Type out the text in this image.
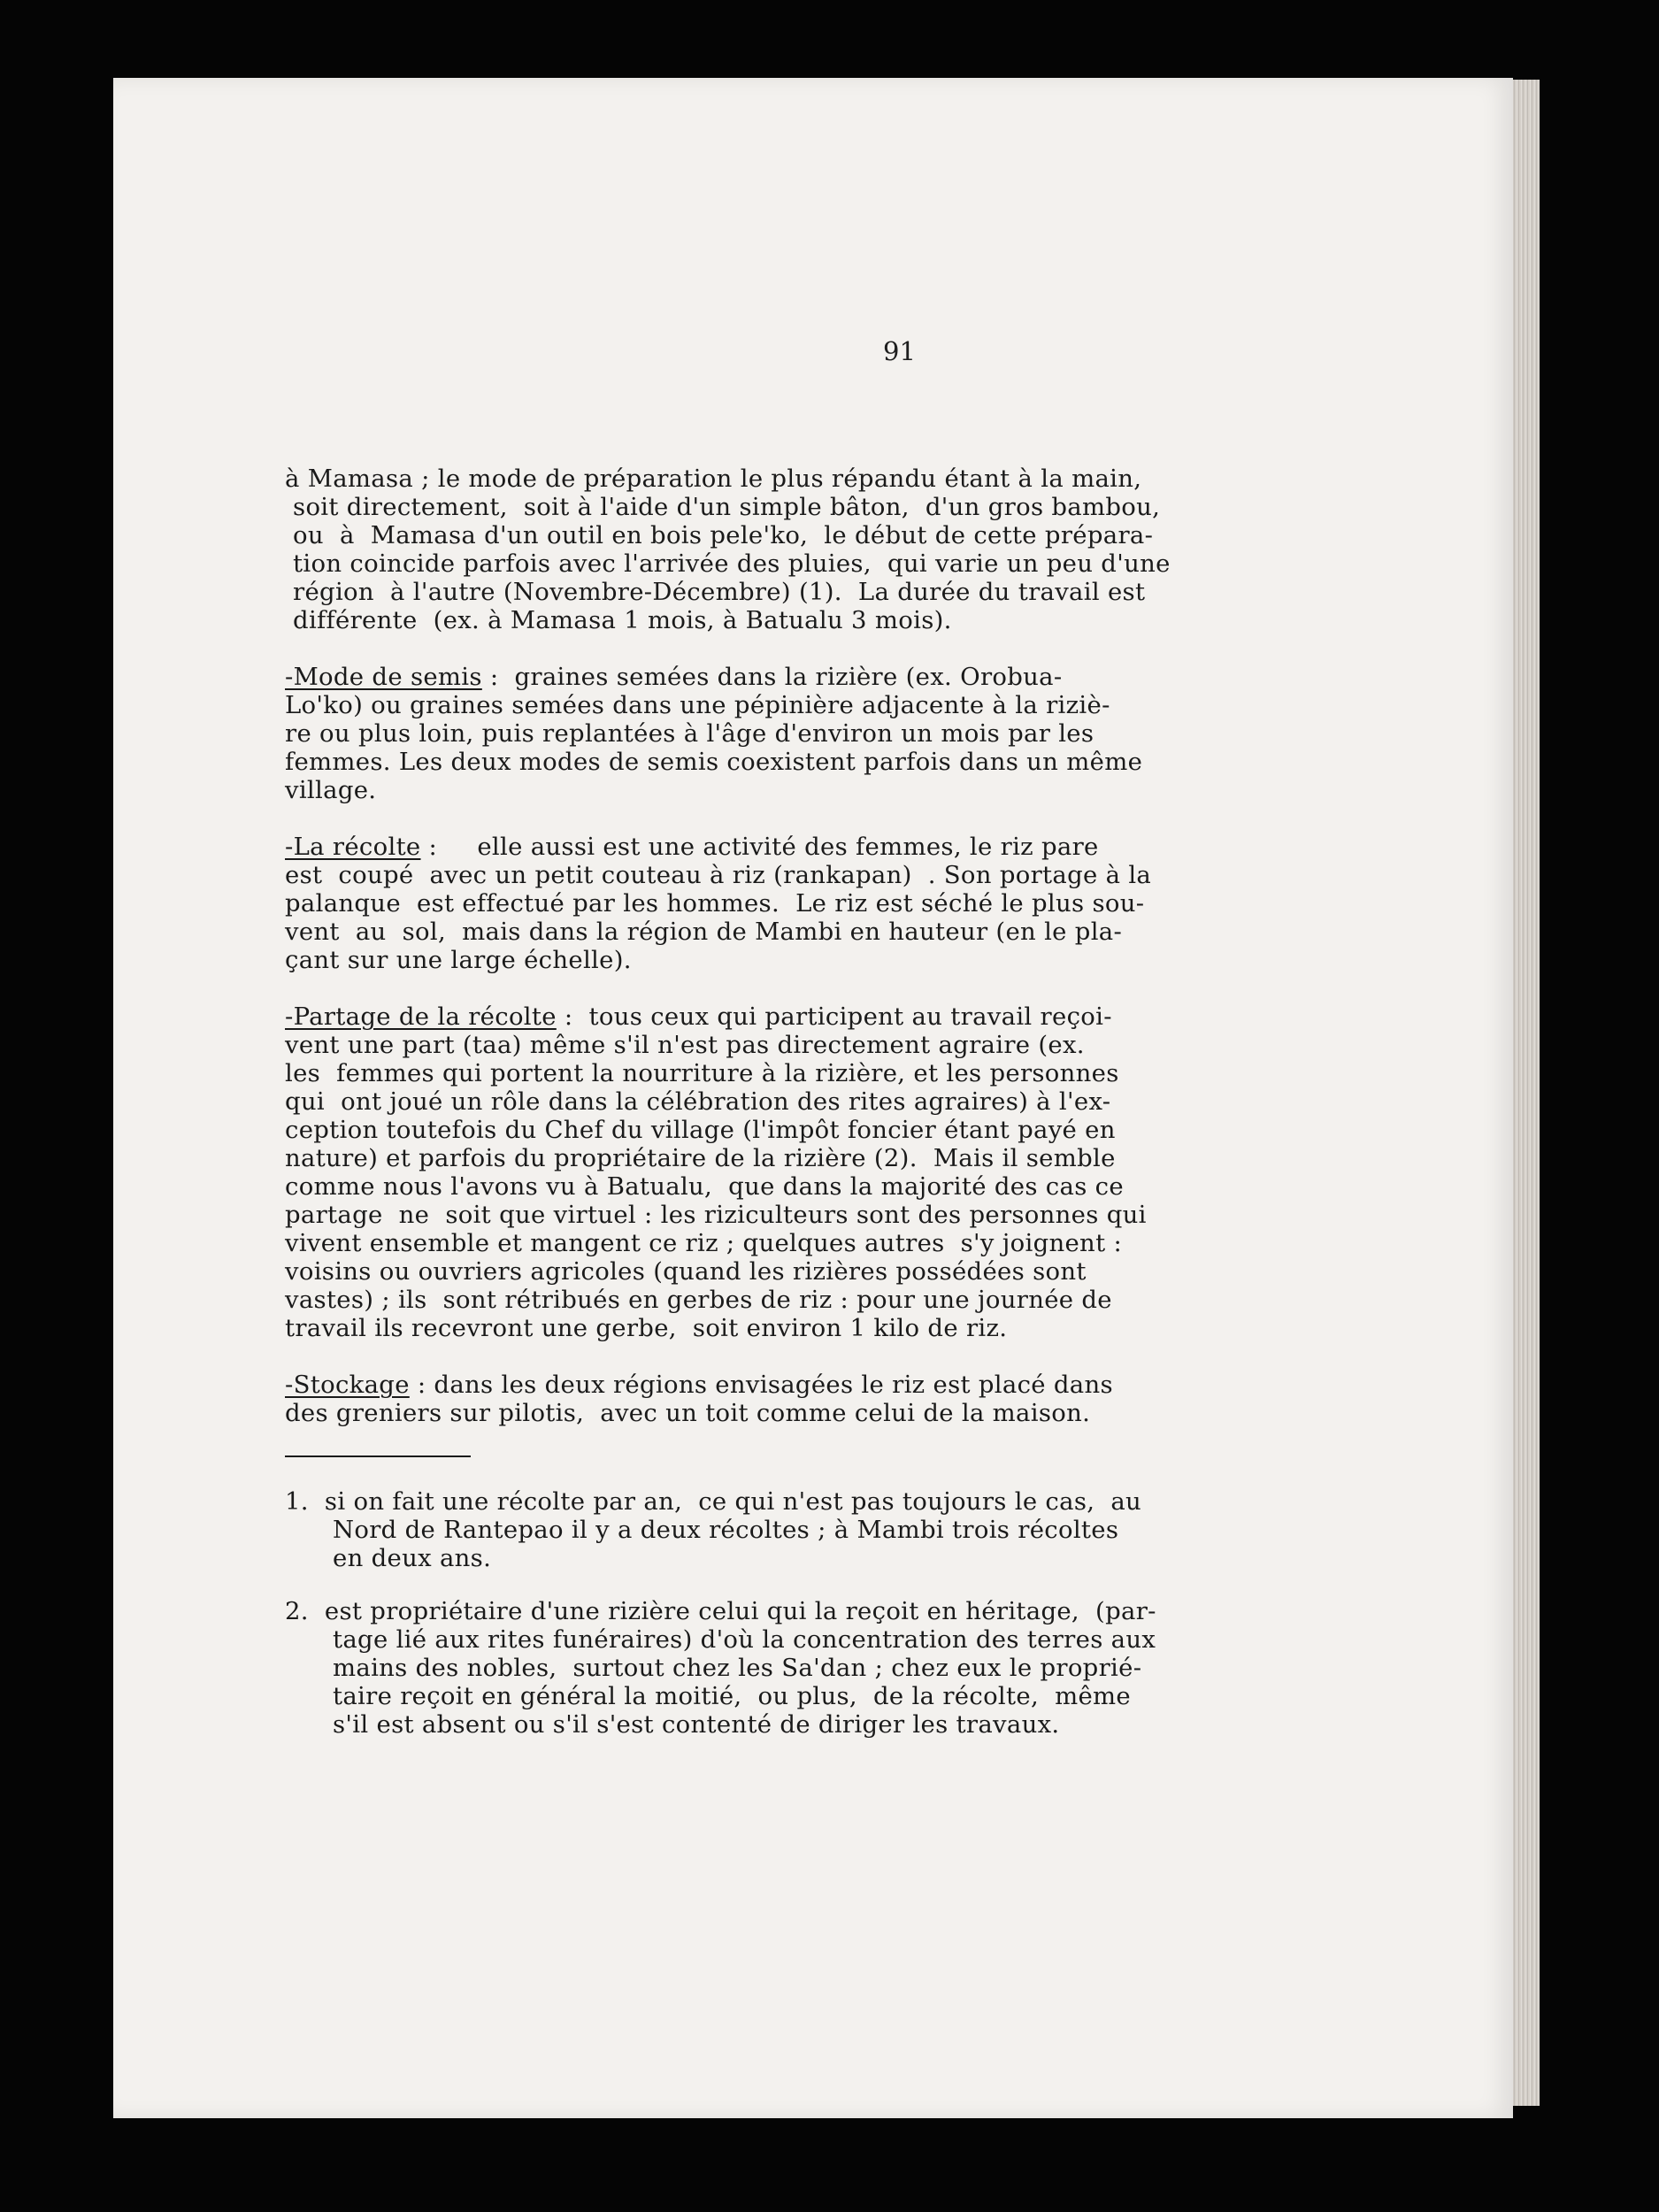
91
à Mamasa ; le mode de préparation le plus répandu étant à la main,
soit directement,  soit à l'aide d'un simple bâton,  d'un gros bambou,
ou  à  Mamasa d'un outil en bois pele'ko,  le début de cette prépara-
tion coincide parfois avec l'arrivée des pluies,  qui varie un peu d'une
région  à l'autre (Novembre-Décembre) (1).  La durée du travail est
différente  (ex. à Mamasa 1 mois, à Batualu 3 mois).
-Mode de semis :  graines semées dans la rizière (ex. Orobua-
Lo'ko) ou graines semées dans une pépinière adjacente à la riziè-
re ou plus loin, puis replantées à l'âge d'environ un mois par les
femmes. Les deux modes de semis coexistent parfois dans un même
village.
-La récolte :     elle aussi est une activité des femmes, le riz pare
est  coupé  avec un petit couteau à riz (rankapan)  . Son portage à la
palanque  est effectué par les hommes.  Le riz est séché le plus sou-
vent  au  sol,  mais dans la région de Mambi en hauteur (en le pla-
çant sur une large échelle).
-Partage de la récolte :  tous ceux qui participent au travail reçoi-
vent une part (taa) même s'il n'est pas directement agraire (ex.
les  femmes qui portent la nourriture à la rizière, et les personnes
qui  ont joué un rôle dans la célébration des rites agraires) à l'ex-
ception toutefois du Chef du village (l'impôt foncier étant payé en
nature) et parfois du propriétaire de la rizière (2).  Mais il semble
comme nous l'avons vu à Batualu,  que dans la majorité des cas ce
partage  ne  soit que virtuel : les riziculteurs sont des personnes qui
vivent ensemble et mangent ce riz ; quelques autres  s'y joignent :
voisins ou ouvriers agricoles (quand les rizières possédées sont
vastes) ; ils  sont rétribués en gerbes de riz : pour une journée de
travail ils recevront une gerbe,  soit environ 1 kilo de riz.
-Stockage : dans les deux régions envisagées le riz est placé dans
des greniers sur pilotis,  avec un toit comme celui de la maison.
1.  si on fait une récolte par an,  ce qui n'est pas toujours le cas,  au
Nord de Rantepao il y a deux récoltes ; à Mambi trois récoltes
en deux ans.
2.  est propriétaire d'une rizière celui qui la reçoit en héritage,  (par-
tage lié aux rites funéraires) d'où la concentration des terres aux
mains des nobles,  surtout chez les Sa'dan ; chez eux le proprié-
taire reçoit en général la moitié,  ou plus,  de la récolte,  même
s'il est absent ou s'il s'est contenté de diriger les travaux.
